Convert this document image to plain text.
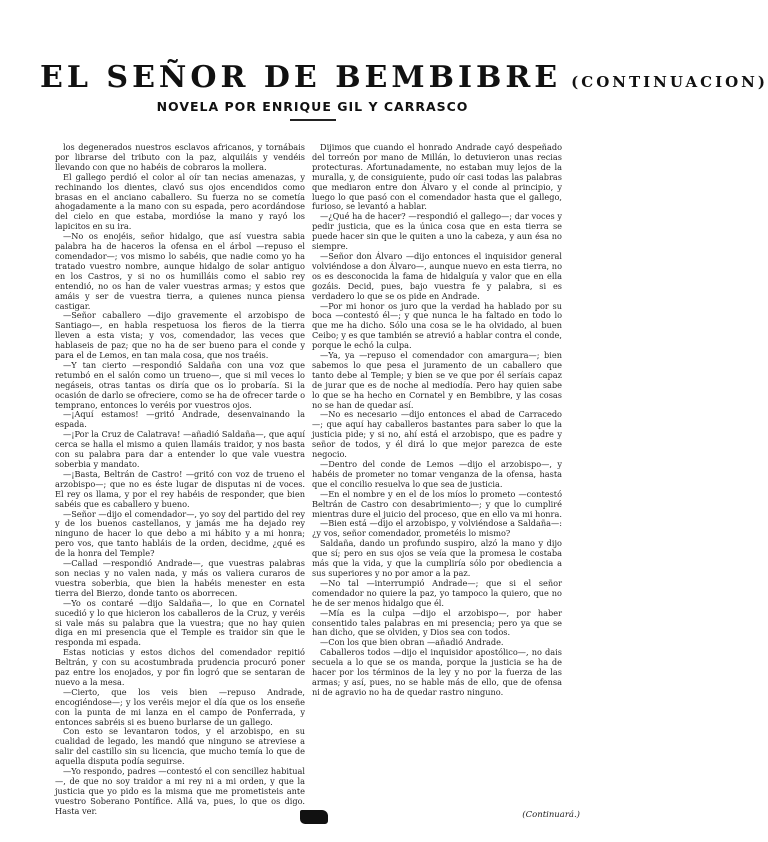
EL SEÑOR DE BEMBIBRE (CONTINUACION)
NOVELA POR ENRIQUE GIL Y CARRASCO

los degenerados nuestros esclavos africanos, y tornábais por librarse del tributo con la paz, alquiláis y vendéis llevando con que no habéis de cobraros la mollera.

El gallego perdió el color al oír tan necias amenazas, y rechinando los dientes, clavó sus ojos encendidos como brasas en el anciano caballero. Su fuerza no se cometía ahogadamente a la mano con su espada, pero acordándose del cielo en que estaba, mordióse la mano y rayó los lapicitos en su ira.

—No os enojéis, señor hidalgo, que así vuestra sabia palabra ha de haceros la ofensa en el árbol —repuso el comendador—; vos mismo lo sabéis, que nadie como yo ha tratado vuestro nombre, aunque hidalgo de solar antiguo en los Castros, y si no os humilláis como el sabio rey entendió, no os han de valer vuestras armas; y estos que amáis y ser de vuestra tierra, a quienes nunca piensa castigar.

—Señor caballero —dijo gravemente el arzobispo de Santiago—, en habla respetuosa los fieros de la tierra lleven a esta vista; y vos, comendador, las veces que hablaseis de paz; que no ha de ser bueno para el conde y para el de Lemos, en tan mala cosa, que nos traéis.

—Y tan cierto —respondió Saldaña con una voz que retumbó en el salón como un trueno—, que si mil veces lo negáseis, otras tantas os diría que os lo probaría. Si la ocasión de darlo se ofreciere, como se ha de ofrecer tarde o temprano, entonces lo veréis por vuestros ojos.

—¡Aquí estamos! —gritó Andrade, desenvainando la espada.

—¡Por la Cruz de Calatrava! —añadió Saldaña—, que aquí cerca se halla el mismo a quien llamáis traidor, y nos basta con su palabra para dar a entender lo que vale vuestra soberbia y mandato.

—¡Basta, Beltrán de Castro! —gritó con voz de trueno el arzobispo—; que no es éste lugar de disputas ni de voces. El rey os llama, y por el rey habéis de responder, que bien sabéis que es caballero y bueno.

—Señor —dijo el comendador—, yo soy del partido del rey y de los buenos castellanos, y jamás me ha dejado rey ninguno de hacer lo que debo a mi hábito y a mi honra; pero vos, que tanto habláis de la orden, decidme, ¿qué es de la honra del Temple?

—Callad —respondió Andrade—, que vuestras palabras son necias y no valen nada, y más os valiera curaros de vuestra soberbia, que bien la habéis menester en esta tierra del Bierzo, donde tanto os aborrecen.

—Yo os contaré —dijo Saldaña—, lo que en Cornatel sucedió y lo que hicieron los caballeros de la Cruz, y veréis si vale más su palabra que la vuestra; que no hay quien diga en mi presencia que el Temple es traidor sin que le responda mi espada.

Estas noticias y estos dichos del comendador repitió Beltrán, y con su acostumbrada prudencia procuró poner paz entre los enojados, y por fin logró que se sentaran de nuevo a la mesa.

—Cierto, que los veis bien —repuso Andrade, encogiéndose—; y los veréis mejor el día que os los enseñe con la punta de mi lanza en el campo de Ponferrada, y entonces sabréis si es bueno burlarse de un gallego.

Con esto se levantaron todos, y el arzobispo, en su cualidad de legado, les mandó que ninguno se atreviese a salir del castillo sin su licencia, que mucho temía lo que de aquella disputa podía seguirse.

—Yo respondo, padres —contestó el con sencillez habitual—, de que no soy traidor a mi rey ni a mi orden, y que la justicia que yo pido es la misma que me prometisteis ante vuestro Soberano Pontífice. Allá va, pues, lo que os digo. Hasta ver.

Dijimos que cuando el honrado Andrade cayó despeñado del torreón por mano de Millán, lo detuvieron unas recias protecturas. Afortunadamente, no estaban muy lejos de la muralla, y, de consiguiente, pudo oír casi todas las palabras que mediaron entre don Álvaro y el conde al principio, y luego lo que pasó con el comendador hasta que el gallego, furioso, se levantó a hablar.

—¿Qué ha de hacer? —respondió el gallego—; dar voces y pedir justicia, que es la única cosa que en esta tierra se puede hacer sin que le quiten a uno la cabeza, y aun ésa no siempre.

—Señor don Álvaro —dijo entonces el inquisidor general volviéndose a don Álvaro—, aunque nuevo en esta tierra, no os es desconocida la fama de hidalguía y valor que en ella gozáis. Decid, pues, bajo vuestra fe y palabra, si es verdadero lo que se os pide en Andrade.

—Por mi honor os juro que la verdad ha hablado por su boca —contestó él—; y que nunca le ha faltado en todo lo que me ha dicho. Sólo una cosa se le ha olvidado, al buen Ceibo; y es que también se atrevió a hablar contra el conde, porque le echó la culpa.

—Ya, ya —repuso el comendador con amargura—; bien sabemos lo que pesa el juramento de un caballero que tanto debe al Temple; y bien se ve que por él seríais capaz de jurar que es de noche al mediodía. Pero hay quien sabe lo que se ha hecho en Cornatel y en Bembibre, y las cosas no se han de quedar así.

—No es necesario —dijo entonces el abad de Carracedo—; que aquí hay caballeros bastantes para saber lo que la justicia pide; y si no, ahí está el arzobispo, que es padre y señor de todos, y él dirá lo que mejor parezca de este negocio.

—Dentro del conde de Lemos —dijo el arzobispo—, y habéis de prometer no tomar venganza de la ofensa, hasta que el concilio resuelva lo que sea de justicia.

—En el nombre y en el de los míos lo prometo —contestó Beltrán de Castro con desabrimiento—; y que lo cumpliré mientras dure el juicio del proceso, que en ello va mi honra.

—Bien está —dijo el arzobispo, y volviéndose a Saldaña—: ¿y vos, señor comendador, prometéis lo mismo?

Saldaña, dando un profundo suspiro, alzó la mano y dijo que sí; pero en sus ojos se veía que la promesa le costaba más que la vida, y que la cumpliría sólo por obediencia a sus superiores y no por amor a la paz.

—No tal —interrumpió Andrade—; que si el señor comendador no quiere la paz, yo tampoco la quiero, que no he de ser menos hidalgo que él.

—Mía es la culpa —dijo el arzobispo—, por haber consentido tales palabras en mi presencia; pero ya que se han dicho, que se olviden, y Dios sea con todos.

—Con los que bien obran —añadió Andrade.

Caballeros todos —dijo el inquisidor apostólico—, no dais secuela a lo que se os manda, porque la justicia se ha de hacer por los términos de la ley y no por la fuerza de las armas; y así, pues, no se hable más de ello, que de ofensa ni de agravio no ha de quedar rastro ninguno.

(Continuará.)
